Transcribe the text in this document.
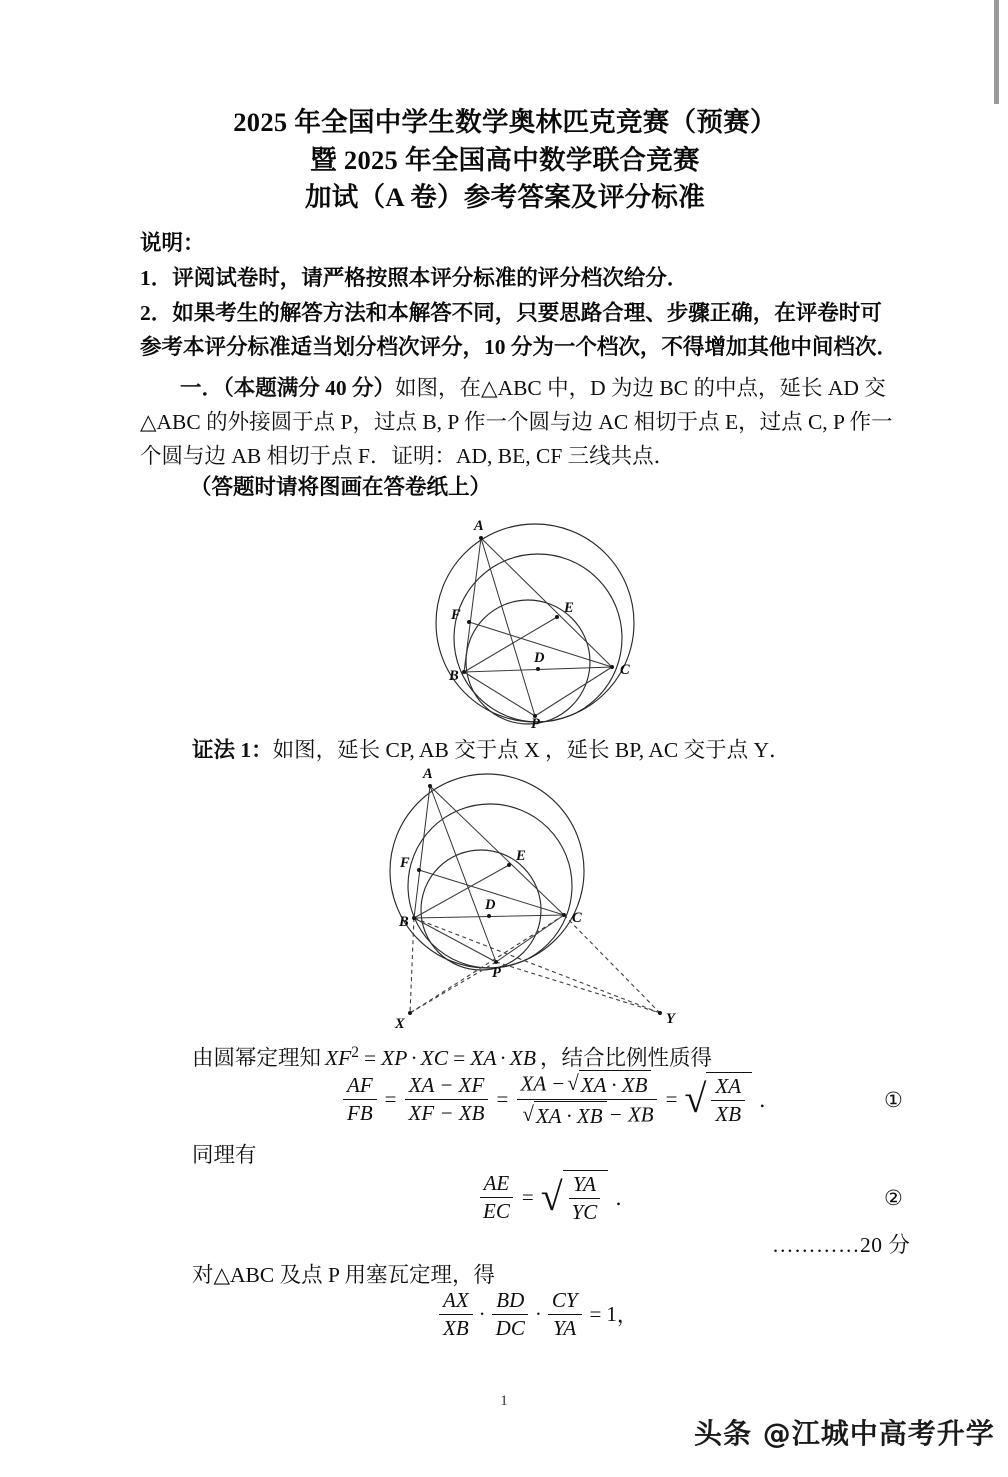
2025 年全国中学生数学奥林匹克竞赛（预赛）
暨 2025 年全国高中数学联合竞赛
加试（A 卷）参考答案及评分标准
说明：
1．评阅试卷时，请严格按照本评分标准的评分档次给分．
2．如果考生的解答方法和本解答不同，只要思路合理、步骤正确，在评卷时可
参考本评分标准适当划分档次评分，10 分为一个档次，不得增加其他中间档次．
一．（本题满分 40 分）如图，在△ABC 中，D 为边 BC 的中点，延长 AD 交
△ABC 的外接圆于点 P，过点 B, P 作一个圆与边 AC 相切于点 E，过点 C, P 作一
个圆与边 AB 相切于点 F．证明：AD, BE, CF 三线共点．
（答题时请将图画在答卷纸上）
A
B	C
D
E
F
P
证法 1：如图，延长 CP, AB 交于点 X ，延长 BP, AC 交于点 Y．
A
B	C
D
E
F
P
X	Y
由圆幂定理知 $XF^2$ = XP · XC = XA · XB ，结合比例性质得
$\frac{AF}{FB} = \frac{XA - XF}{XF - XB} = \frac{XA - √ XA \cdot XB}{√ XA \cdot XB - XB}$ = √ $\frac{XA}{XB}$ ．	①
同理有
$\frac{AE}{EC}$ = √ $\frac{YA}{YC}$ ．	②
…………20 分
对△ABC 及点 P 用塞瓦定理，得
$\frac{AX}{XB} \cdot \frac{BD}{DC} \cdot \frac{CY}{YA} = 1$ ，
1
头条 @江城中高考升学
